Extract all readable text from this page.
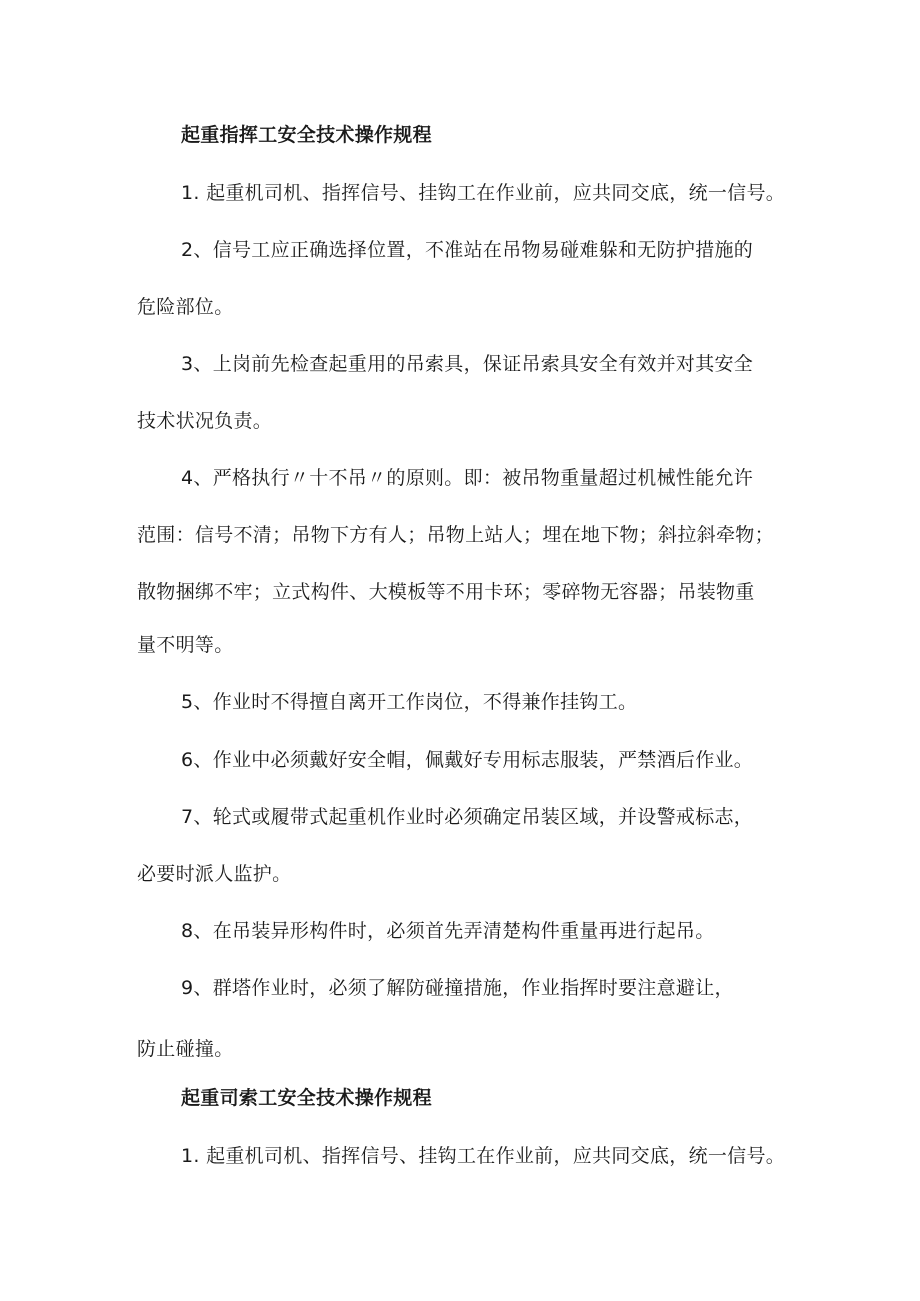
起重指挥工安全技术操作规程
1. 起重机司机、指挥信号、挂钩工在作业前，应共同交底，统一信号。
2、信号工应正确选择位置，不准站在吊物易碰难躲和无防护措施的
危险部位。
3、上岗前先检查起重用的吊索具，保证吊索具安全有效并对其安全
技术状况负责。
4、严格执行〃十不吊〃的原则。即：被吊物重量超过机械性能允许
范围：信号不清；吊物下方有人；吊物上站人；埋在地下物；斜拉斜牵物；
散物捆绑不牢；立式构件、大模板等不用卡环；零碎物无容器；吊装物重
量不明等。
5、作业时不得擅自离开工作岗位，不得兼作挂钩工。
6、作业中必须戴好安全帽，佩戴好专用标志服装，严禁酒后作业。
7、轮式或履带式起重机作业时必须确定吊装区域，并设警戒标志，
必要时派人监护。
8、在吊装异形构件时，必须首先弄清楚构件重量再进行起吊。
9、群塔作业时，必须了解防碰撞措施，作业指挥时要注意避让，
防止碰撞。
起重司索工安全技术操作规程
1. 起重机司机、指挥信号、挂钩工在作业前，应共同交底，统一信号。
